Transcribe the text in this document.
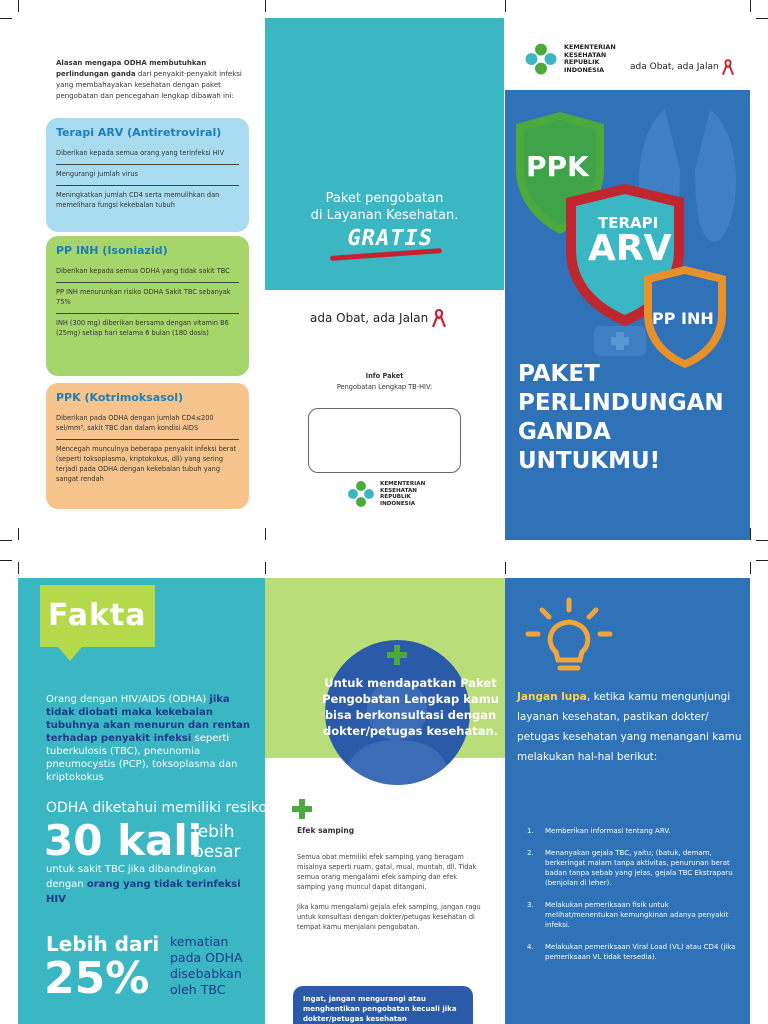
Alasan mengapa ODHA membutuhkan perlindungan ganda dari penyakit-penyakit infeksi yang membahayakan kesehatan dengan paket pengobatan dan pencegahan lengkap dibawah ini:
Terapi ARV (Antiretroviral)
Diberikan kepada semua orang yang terinfeksi HIV
Mengurangi jumlah virus
Meningkatkan jumlah CD4 serta memulihkan dan memelihara fungsi kekebalan tubuh
PP INH (Isoniazid)
Diberikan kepada semua ODHA yang tidak sakit TBC
PP INH menurunkan risiko ODHA Sakit TBC sebanyak 75%
INH (300 mg) diberikan bersama dengan vitamin B6 (25mg) setiap hari selama 6 bulan (180 dosis)
PPK (Kotrimoksasol)
Diberikan pada ODHA dengan jumlah CD4≤200 sel/mm³, sakit TBC dan dalam kondisi AIDS
Mencegah munculnya beberapa penyakit infeksi berat (seperti toksoplasma, kriptokokus, dll) yang sering terjadi pada ODHA dengan kekebalan tubuh yang sangat rendah
Paket pengobatan
di Layanan Kesehatan.
GRATIS
ada Obat, ada Jalan
Info Paket
Pengobatan Lengkap TB-HIV:
KEMENTERIAN
KESEHATAN
REPUBLIK
INDONESIA
KEMENTERIAN
KESEHATAN
REPUBLIK
INDONESIA	ada Obat, ada Jalan
PPK
TERAPI
ARV
PP INH
PAKET
PERLINDUNGAN
GANDA
UNTUKMU!
Fakta
Orang dengan HIV/AIDS (ODHA) jika tidak diobati maka kekebalan tubuhnya akan menurun dan rentan terhadap penyakit infeksi seperti tuberkulosis (TBC), pneunomia pneumocystis (PCP), toksoplasma dan kriptokokus
ODHA diketahui memiliki resiko
30 kali
lebih
besar
untuk sakit TBC jika dibandingkan dengan orang yang tidak terinfeksi HIV
Lebih dari
25%
kematian
pada ODHA
disebabkan
oleh TBC
Untuk mendapatkan Paket Pengobatan Lengkap kamu bisa berkonsultasi dengan dokter/petugas kesehatan.
Efek samping

Semua obat memiliki efek samping yang beragam misalnya seperti ruam, gatal, mual, muntah, dll. Tidak semua orang mengalami efek samping dan efek samping yang muncul dapat ditangani.

Jika kamu mengalami gejala efek samping, jangan ragu untuk konsultasi dengan dokter/petugas kesehatan di tempat kamu menjalani pengobatan.

Ingat, jangan mengurangi atau menghentikan pengobatan kecuali jika dokter/petugas kesehatan
Jangan lupa, ketika kamu mengunjungi layanan kesehatan, pastikan dokter/ petugas kesehatan yang menangani kamu melakukan hal-hal berikut:
1.	Memberikan informasi tentang ARV.
2.	Menanyakan gejala TBC, yaitu; (batuk, demam, berkeringat malam tanpa aktivitas, penurunan berat badan tanpa sebab yang jelas, gejala TBC Ekstraparu (benjolan di leher).
3.	Melakukan pemeriksaan fisik untuk melihat/menentukan kemungkinan adanya penyakit infeksi.
4.	Melakukan pemeriksaan Viral Load (VL) atau CD4 (jika pemeriksaan VL tidak tersedia).
